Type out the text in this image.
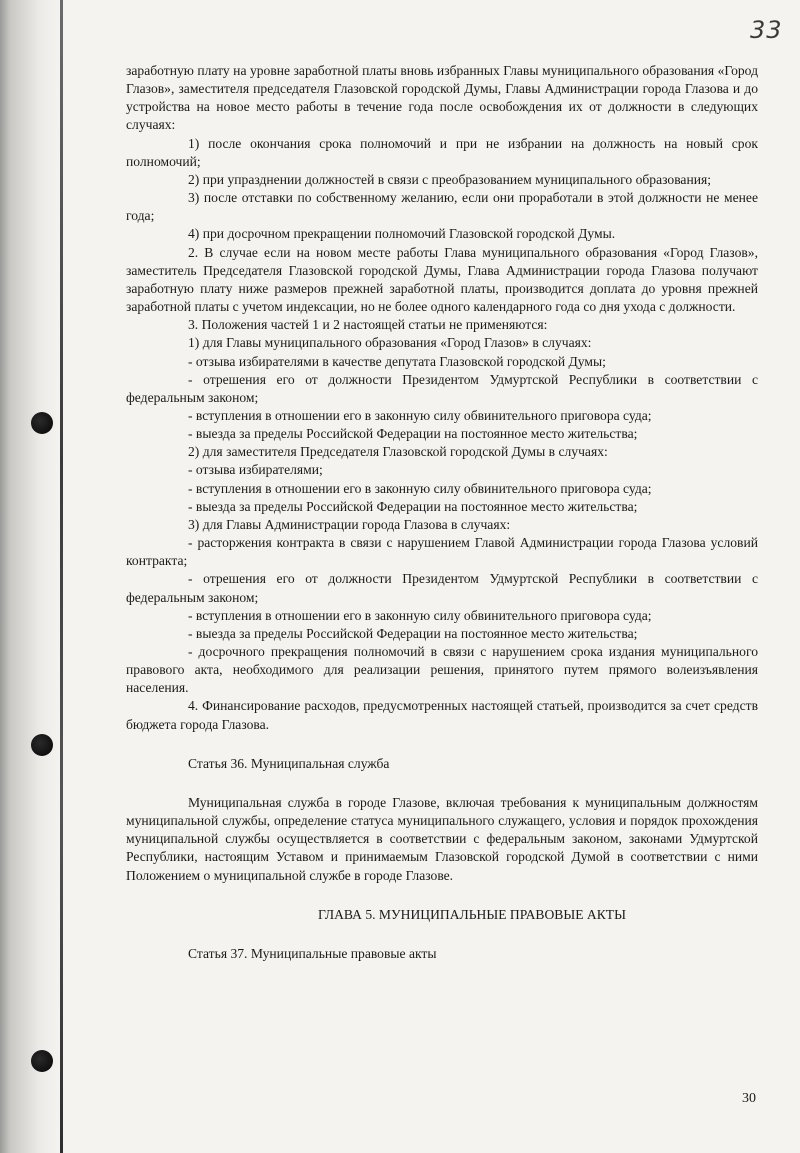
33

заработную плату на уровне заработной платы вновь избранных Главы муниципального образования «Город Глазов», заместителя председателя Глазовской городской Думы, Главы Администрации города Глазова и до устройства на новое место работы в течение года после освобождения их от должности в следующих случаях:

1) после окончания срока полномочий и при не избрании на должность на новый срок полномочий;

2) при упразднении должностей в связи с преобразованием муниципального образования;

3) после отставки по собственному желанию, если они проработали в этой должности не менее года;

4) при досрочном прекращении полномочий Глазовской городской Думы.

2. В случае если на новом месте работы Глава муниципального образования «Город Глазов», заместитель Председателя Глазовской городской Думы, Глава Администрации города Глазова получают заработную плату ниже размеров прежней заработной платы, производится доплата до уровня прежней заработной платы с учетом индексации, но не более одного календарного года со дня ухода с должности.

3. Положения частей 1 и 2 настоящей статьи не применяются:

1) для Главы муниципального образования «Город Глазов» в случаях:

- отзыва избирателями в качестве депутата Глазовской городской Думы;

- отрешения его от должности Президентом Удмуртской Республики в соответствии с федеральным законом;

- вступления в отношении его в законную силу обвинительного приговора суда;

- выезда за пределы Российской Федерации на постоянное место жительства;

2) для заместителя Председателя Глазовской городской Думы в случаях:

- отзыва избирателями;

- вступления в отношении его в законную силу обвинительного приговора суда;

- выезда за пределы Российской Федерации на постоянное место жительства;

3) для Главы Администрации города Глазова в случаях:

- расторжения контракта в связи с нарушением Главой Администрации города Глазова условий контракта;

- отрешения его от должности Президентом Удмуртской Республики в соответствии с федеральным законом;

- вступления в отношении его в законную силу обвинительного приговора суда;

- выезда за пределы Российской Федерации на постоянное место жительства;

- досрочного прекращения полномочий в связи с нарушением срока издания муниципального правового акта, необходимого для реализации решения, принятого путем прямого волеизъявления населения.

4. Финансирование расходов, предусмотренных настоящей статьей, производится за счет средств бюджета города Глазова.

Статья 36. Муниципальная служба

Муниципальная служба в городе Глазове, включая требования к муниципальным должностям муниципальной службы, определение статуса муниципального служащего, условия и порядок прохождения муниципальной службы осуществляется в соответствии с федеральным законом, законами Удмуртской Республики, настоящим Уставом и принимаемым Глазовской городской Думой в соответствии с ними Положением о муниципальной службе в городе Глазове.

ГЛАВА 5. МУНИЦИПАЛЬНЫЕ ПРАВОВЫЕ АКТЫ

Статья 37. Муниципальные правовые акты

30
